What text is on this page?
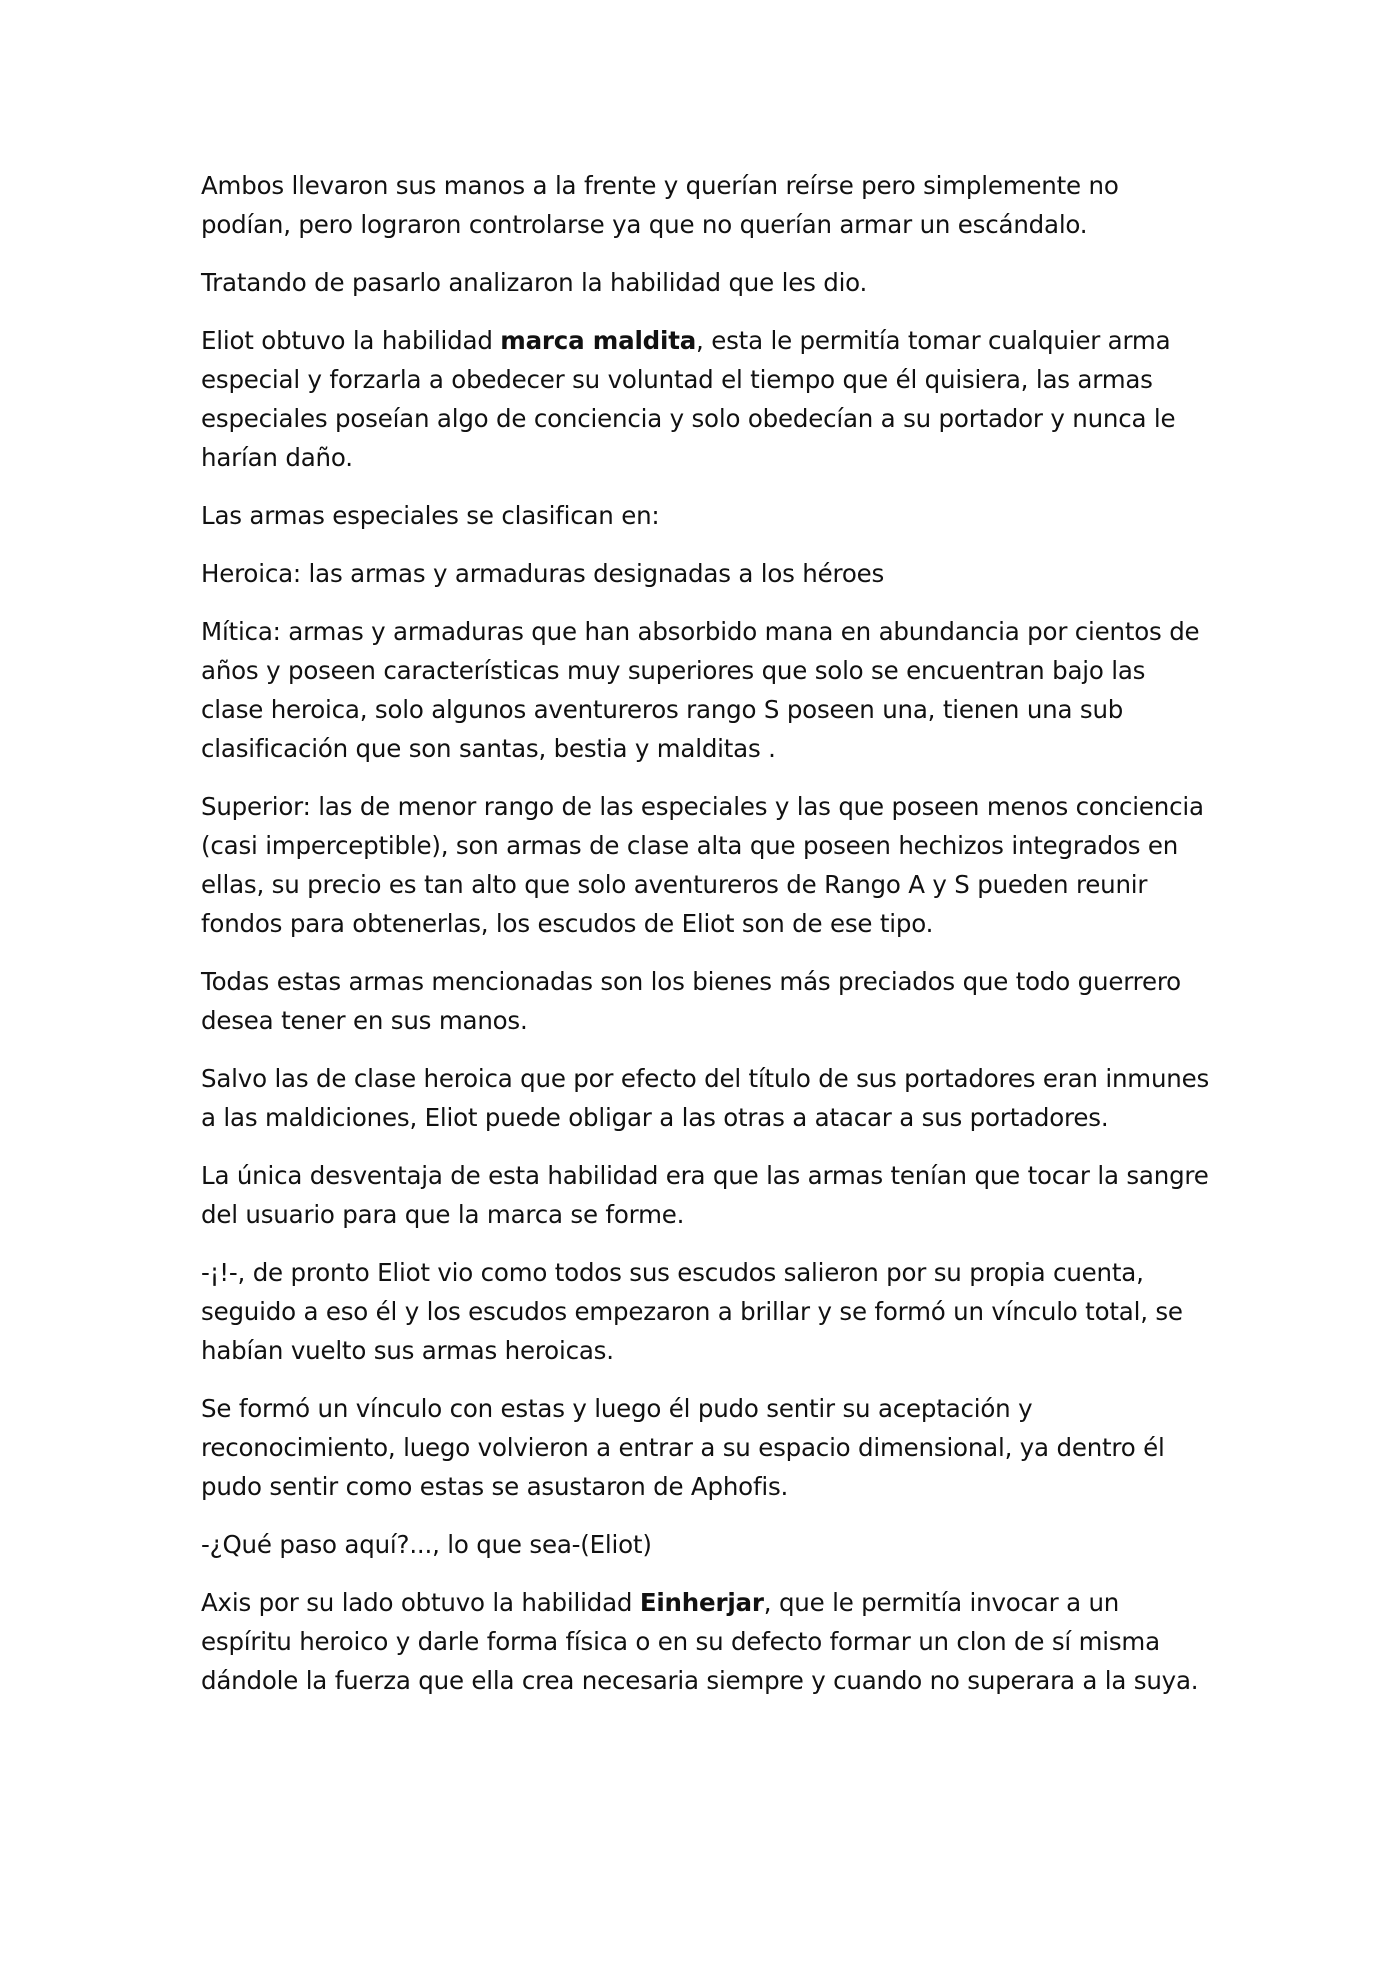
Ambos llevaron sus manos a la frente y querían reírse pero simplemente no podían, pero lograron controlarse ya que no querían armar un escándalo.

Tratando de pasarlo analizaron la habilidad que les dio.

Eliot obtuvo la habilidad marca maldita, esta le permitía tomar cualquier arma especial y forzarla a obedecer su voluntad el tiempo que él quisiera, las armas especiales poseían algo de conciencia y solo obedecían a su portador y nunca le harían daño.

Las armas especiales se clasifican en:

Heroica: las armas y armaduras designadas a los héroes

Mítica: armas y armaduras que han absorbido mana en abundancia por cientos de años y poseen características muy superiores que solo se encuentran bajo las clase heroica, solo algunos aventureros rango S poseen una, tienen una sub clasificación que son santas, bestia y malditas .

Superior: las de menor rango de las especiales y las que poseen menos conciencia (casi imperceptible), son armas de clase alta que poseen hechizos integrados en ellas, su precio es tan alto que solo aventureros de Rango A y S pueden reunir fondos para obtenerlas, los escudos de Eliot son de ese tipo.

Todas estas armas mencionadas son los bienes más preciados que todo guerrero desea tener en sus manos.

Salvo las de clase heroica que por efecto del título de sus portadores eran inmunes a las maldiciones, Eliot puede obligar a las otras a atacar a sus portadores.

La única desventaja de esta habilidad era que las armas tenían que tocar la sangre del usuario para que la marca se forme.

-¡!-, de pronto Eliot vio como todos sus escudos salieron por su propia cuenta, seguido a eso él y los escudos empezaron a brillar y se formó un vínculo total, se habían vuelto sus armas heroicas.

Se formó un vínculo con estas y luego él pudo sentir su aceptación y reconocimiento, luego volvieron a entrar a su espacio dimensional, ya dentro él pudo sentir como estas se asustaron de Aphofis.

-¿Qué paso aquí?..., lo que sea-(Eliot)

Axis por su lado obtuvo la habilidad Einherjar, que le permitía invocar a un espíritu heroico y darle forma física o en su defecto formar un clon de sí misma dándole la fuerza que ella crea necesaria siempre y cuando no superara a la suya.
